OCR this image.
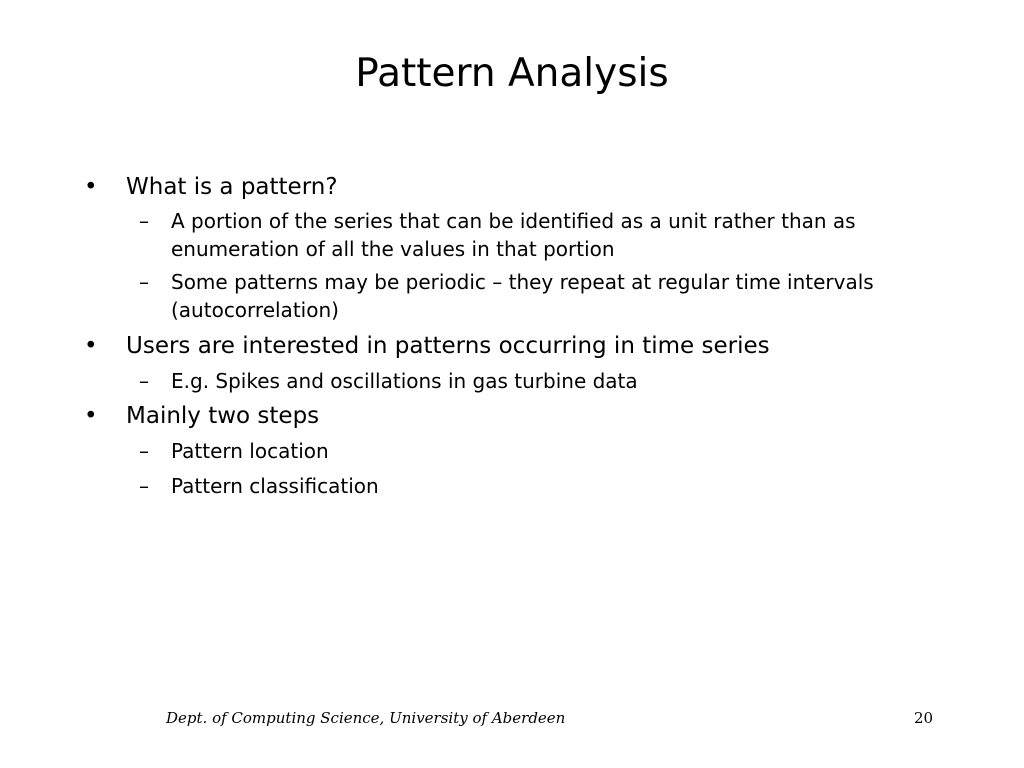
Pattern Analysis
• What is a pattern?
– A portion of the series that can be identified as a unit rather than as enumeration of all the values in that portion
– Some patterns may be periodic – they repeat at regular time intervals (autocorrelation)
• Users are interested in patterns occurring in time series
– E.g. Spikes and oscillations in gas turbine data
• Mainly two steps
– Pattern location
– Pattern classification
Dept. of Computing Science, University of Aberdeen	20
